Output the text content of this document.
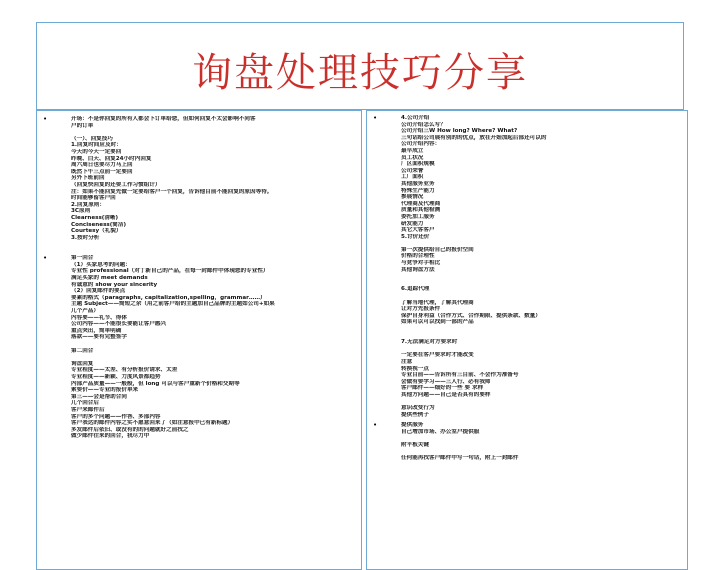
询盘处理技巧分享
•	开场：不是你回复的所有人都会下订单给您，但如何回复不太会影响不同客
户的订单
（一）、回复技巧
1.回复时间应及时：
今天的今天一定要回
昨晚、白天、回复24小时内回复
周六周日也要尽力马上回
既然下午三点前一定要回
另外下班前回
（回复快回复的还要工作习惯组计）
注：如果不能回复先做一定要给客户一个回复，告诉他目前不能回复的原因等待。
时间能够留客户回
2.回复原则：
3C原则
Clearness(清晰)
Conciseness(简洁)
Courtesy（礼貌）
3.按时分析
•	第一回合
（1）买家思考的问题：
专业性 professional（对丁新自己的产品，在每一封邮件中体现您的专业性）
满足买家的 meet demands
有诚意的 show your sincerity
（2）回复邮件的要点
要素的格式（paragraphs, capitalization,spelling，grammar……）
主题 Subject——简短之余（用之前客户给的主题加自己品牌的主题如公司+如果
几个产品）
内容要——礼节、得体
公司内容——不能很长要能让客户感兴
重点突出，简单明确
落款——要有完整签字
第二回合
询盘回复
专业程度——太差、有分析报价请求、太差
专业程度——新颖、力度风景都趋势
内部产品质量——一般般，但 long 可以与客户重新个价格和交期等
索要价——专业的报价单来
第三——会是帮助合同
几个回合后
客户来邮件后
客户的多个问题——作答、多部内容
客户表达的邮件内容之实不愿意回来了（如注意报中已有新标题）
多发邮件后依旧、或没有的的问题就好之前找之
做少邮件往来的回合，我尽力中
•	4.公司介绍
公司介绍怎么写？
公司介绍三W How long? Where? What?
三句话给公司展有别的的优点，放在开始加起后部还可以的
公司介绍内容：
最早成立
员工状况
厂区面积规模
公司荣誉
工厂面积
其他服务业务
特殊生产能力
参展情况
代理商及代理商
质量和其他检测
委托加工服务
研发能力
其它大客客户
5.讨价还价
第一次提供给自己的报价空间
价格的合理性
与竞争对手相比
其他询盘方法
6.追踪代理
了解当地代理，了解其代理商
让对方先报条件
保护自身利益（合作方式、合作期限、提供条款、数量）
如果可以可以找到一部的产品
7.无法满足对方要求时
一定要在客户要求时才能改变
注意
转换视一点
专业目前——告诉所有三目前、不会作为准备号
会做有要学习——三人行、必有我师
客户邮件——细好的一些 要 求样
其他方问题——自己是否具有的要样
意识改变行为
提供些例子
•	提供服务
自己增加市场、办公室户提供服
附平板关键
任何能再找客户邮件中写一句话，附上一封邮件
